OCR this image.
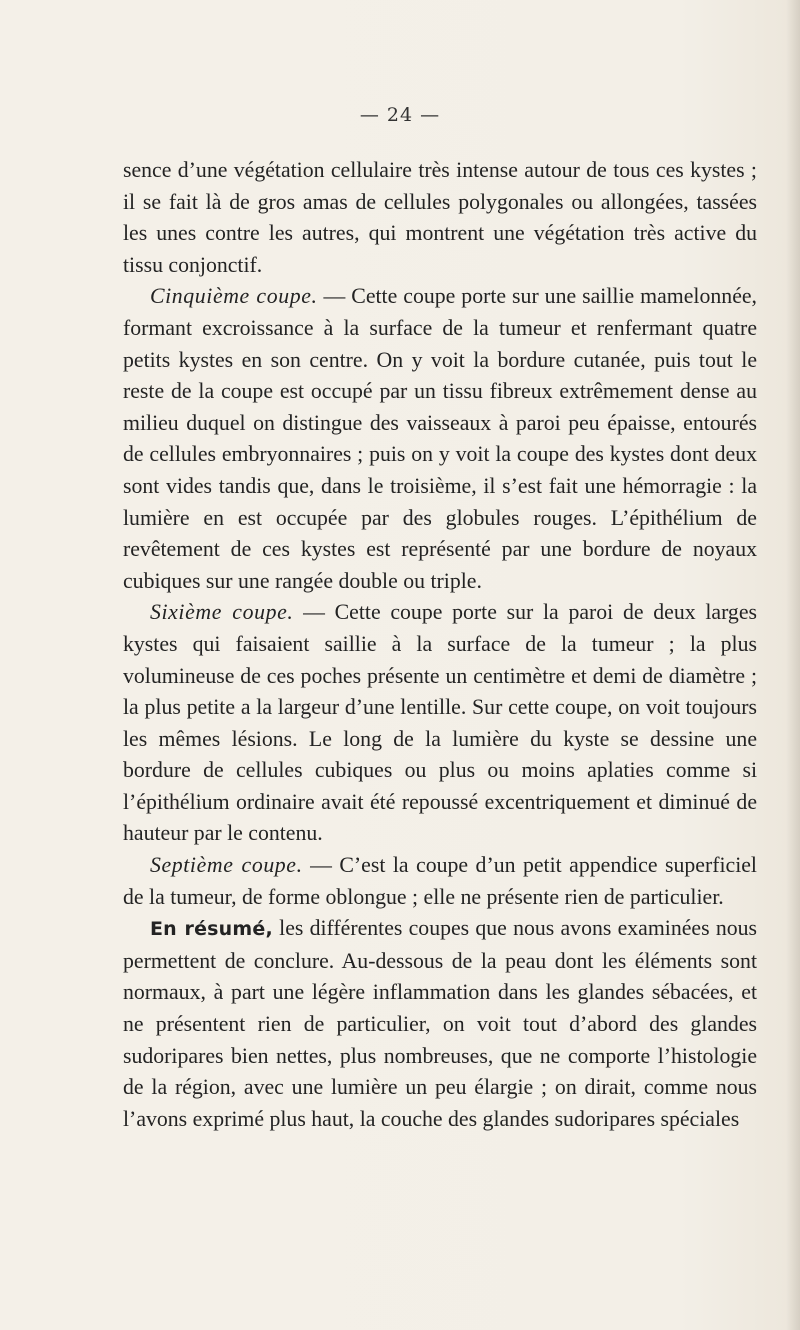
— 24 —

sence d’une végétation cellulaire très intense autour de tous ces kystes ; il se fait là de gros amas de cellules polygonales ou allongées, tassées les unes contre les autres, qui montrent une végétation très active du tissu conjonctif.

Cinquième coupe. — Cette coupe porte sur une saillie mamelonnée, formant excroissance à la surface de la tumeur et renfermant quatre petits kystes en son centre. On y voit la bordure cutanée, puis tout le reste de la coupe est occupé par un tissu fibreux extrêmement dense au milieu duquel on distingue des vaisseaux à paroi peu épaisse, entourés de cellules embryonnaires ; puis on y voit la coupe des kystes dont deux sont vides tandis que, dans le troisième, il s’est fait une hémorragie : la lumière en est occupée par des globules rouges. L’épithélium de revêtement de ces kystes est représenté par une bordure de noyaux cubiques sur une rangée double ou triple.

Sixième coupe. — Cette coupe porte sur la paroi de deux larges kystes qui faisaient saillie à la surface de la tumeur ; la plus volumineuse de ces poches présente un centimètre et demi de diamètre ; la plus petite a la largeur d’une lentille. Sur cette coupe, on voit toujours les mêmes lésions. Le long de la lumière du kyste se dessine une bordure de cellules cubiques ou plus ou moins aplaties comme si l’épithélium ordinaire avait été repoussé excentriquement et diminué de hauteur par le contenu.

Septième coupe. — C’est la coupe d’un petit appendice superficiel de la tumeur, de forme oblongue ; elle ne présente rien de particulier.

En résumé, les différentes coupes que nous avons examinées nous permettent de conclure. Au-dessous de la peau dont les éléments sont normaux, à part une légère inflammation dans les glandes sébacées, et ne présentent rien de particulier, on voit tout d’abord des glandes sudoripares bien nettes, plus nombreuses, que ne comporte l’histologie de la région, avec une lumière un peu élargie ; on dirait, comme nous l’avons exprimé plus haut, la couche des glandes sudoripares spéciales
